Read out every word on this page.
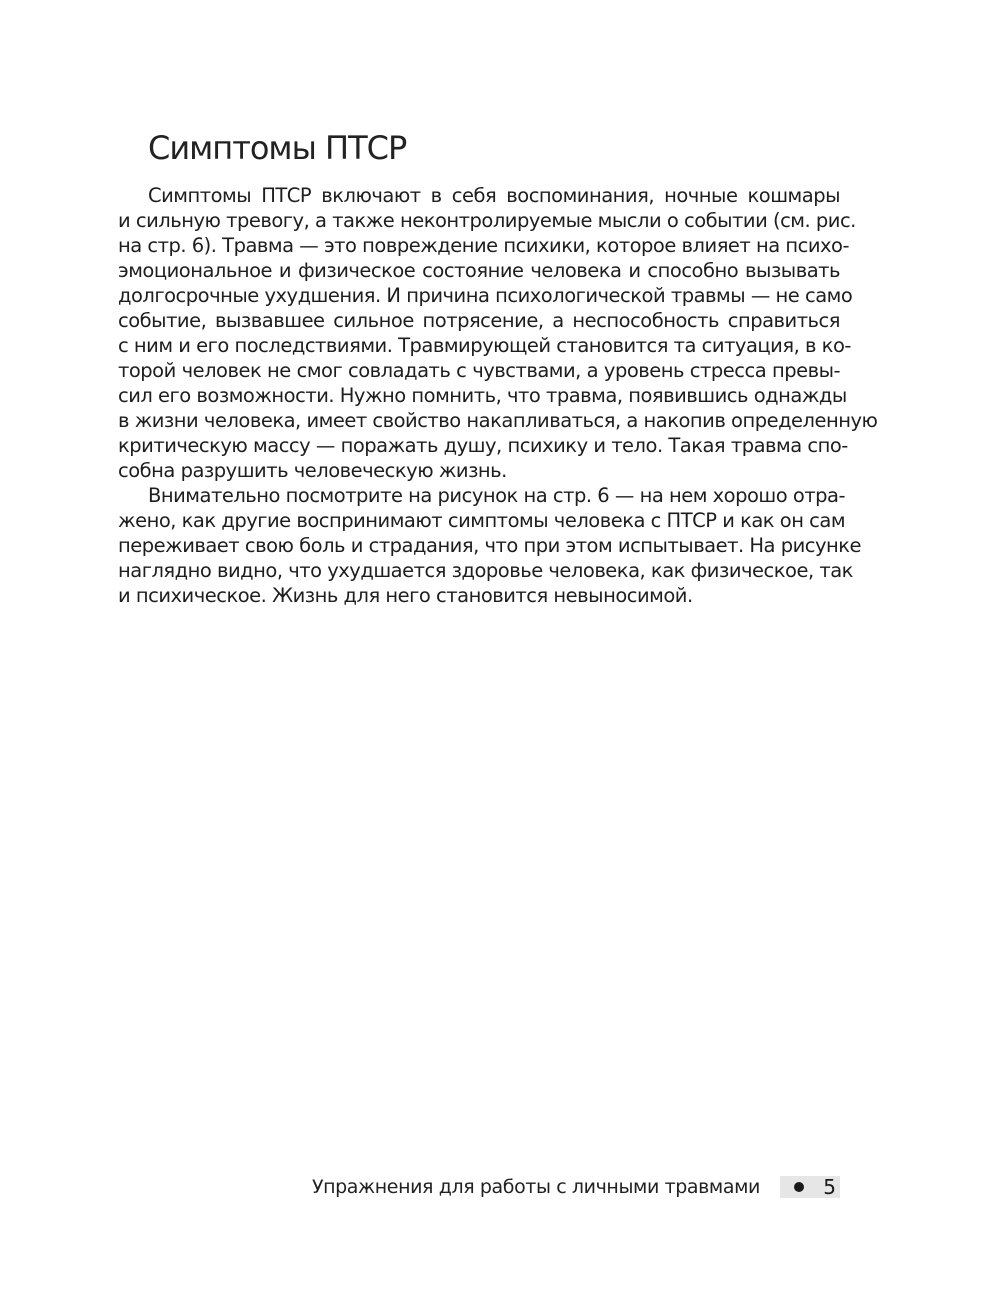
Симптомы ПТСР

Симптомы ПТСР включают в себя воспоминания, ночные кошмары
и сильную тревогу, а также неконтролируемые мысли о событии (см. рис.
на стр. 6). Травма — это повреждение психики, которое влияет на психо-
эмоциональное и физическое состояние человека и способно вызывать
долгосрочные ухудшения. И причина психологической травмы — не само
событие, вызвавшее сильное потрясение, а неспособность справиться
с ним и его последствиями. Травмирующей становится та ситуация, в ко-
торой человек не смог совладать с чувствами, а уровень стресса превы-
сил его возможности. Нужно помнить, что травма, появившись однажды
в жизни человека, имеет свойство накапливаться, а накопив определенную
критическую массу — поражать душу, психику и тело. Такая травма спо-
собна разрушить человеческую жизнь.

Внимательно посмотрите на рисунок на стр. 6 — на нем хорошо отра-
жено, как другие воспринимают симптомы человека с ПТСР и как он сам
переживает свою боль и страдания, что при этом испытывает. На рисунке
наглядно видно, что ухудшается здоровье человека, как физическое, так
и психическое. Жизнь для него становится невыносимой.

Упражнения для работы с личными травмами	5
